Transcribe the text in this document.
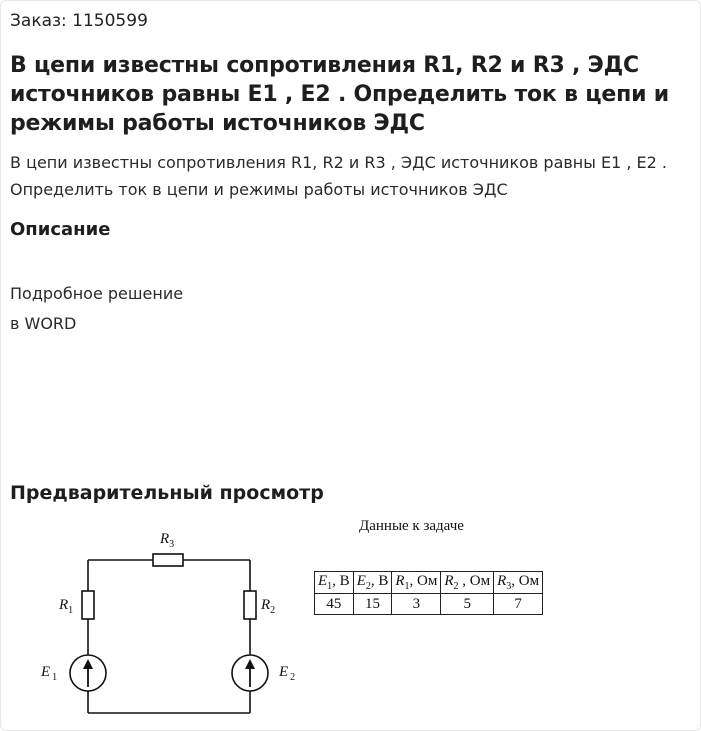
Заказ: 1150599
В цепи известны сопротивления R1, R2 и R3 , ЭДС источников равны E1 , E2 . Определить ток в цепи и режимы работы источников ЭДС

В цепи известны сопротивления R1, R2 и R3 , ЭДС источников равны E1 , E2 . Определить ток в цепи и режимы работы источников ЭДС

Описание
Подробное решение
в WORD
Предварительный просмотр
$R_3$
$R_1$	$R_2$
E $_1$	E $_2$
Данные к задаче
$E_1$, В	$E_2$, В	$R_1$, Ом	$R_2$ , Ом	$R_3$, Ом
45	15	3	5	7
